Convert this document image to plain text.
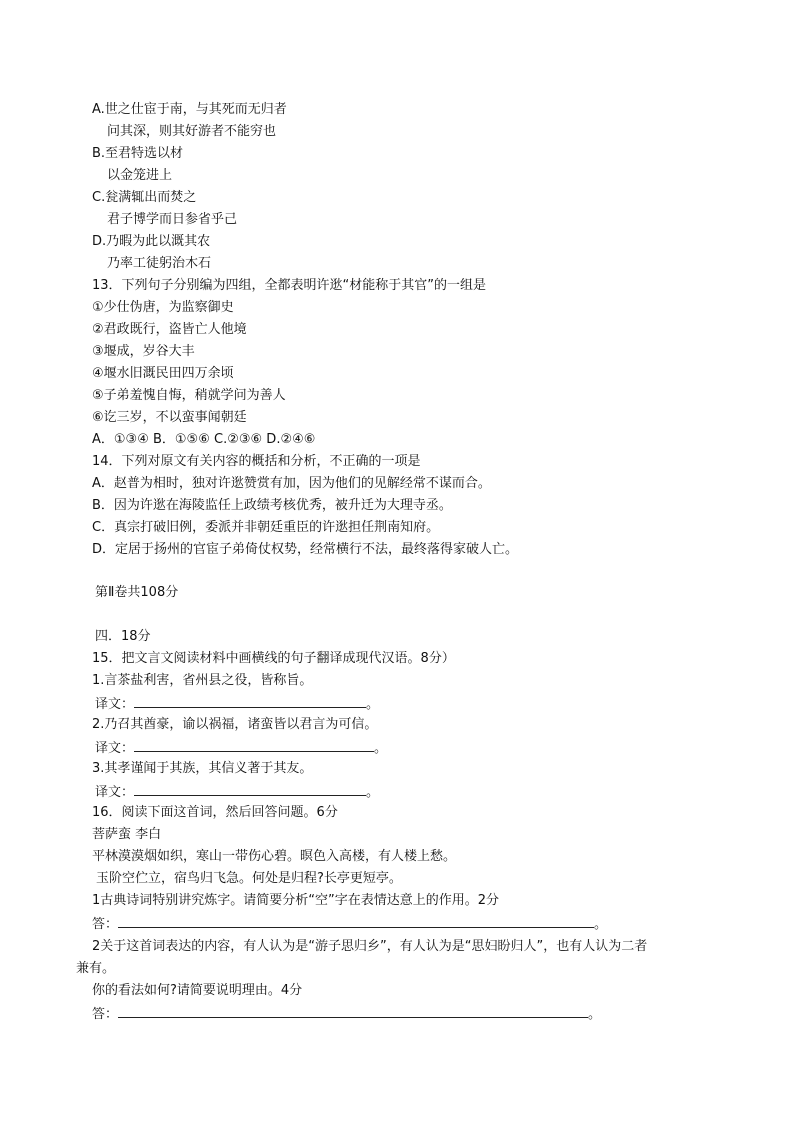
A.世之仕宦于南，与其死而无归者
问其深，则其好游者不能穷也
B.至君特选以材
以金笼进上
C.瓮满辄出而焚之
君子博学而日参省乎己
D.乃暇为此以溉其农
乃率工徒躬治木石
13．下列句子分别编为四组，全都表明许逖“材能称于其官”的一组是
①少仕伪唐，为监察御史
②君政既行，盗皆亡人他境
③堰成，岁谷大丰
④堰水旧溉民田四万余顷
⑤子弟羞愧自悔，稍就学问为善人
⑥讫三岁，不以蛮事闻朝廷
A．①③④ B．①⑤⑥ C.②③⑥ D.②④⑥
14．下列对原文有关内容的概括和分析，不正确的一项是
A．赵普为相时，独对许逖赞赏有加，因为他们的见解经常不谋而合。
B．因为许逖在海陵监任上政绩考核优秀，被升迁为大理寺丞。
C．真宗打破旧例，委派并非朝廷重臣的许逖担任荆南知府。
D．定居于扬州的官宦子弟倚仗权势，经常横行不法，最终落得家破人亡。
第Ⅱ卷共108分
四．18分
15．把文言文阅读材料中画横线的句子翻译成现代汉语。8分）
1.言茶盐利害，省州县之役，皆称旨。
译文：	。
2.乃召其酋豪，谕以祸福，诸蛮皆以君言为可信。
译文：	。
3.其孝谨闻于其族，其信义著于其友。
译文：	。
16．阅读下面这首词，然后回答问题。6分
菩萨蛮 李白
平林漠漠烟如织，寒山一带伤心碧。暝色入高楼，有人楼上愁。
玉阶空伫立，宿鸟归飞急。何处是归程?长亭更短亭。
1古典诗词特别讲究炼字。请简要分析“空”字在表情达意上的作用。2分
答：	。
2关于这首词表达的内容，有人认为是“游子思归乡”，有人认为是“思妇盼归人”，也有人认为二者
兼有。
你的看法如何?请简要说明理由。4分
答：	。
